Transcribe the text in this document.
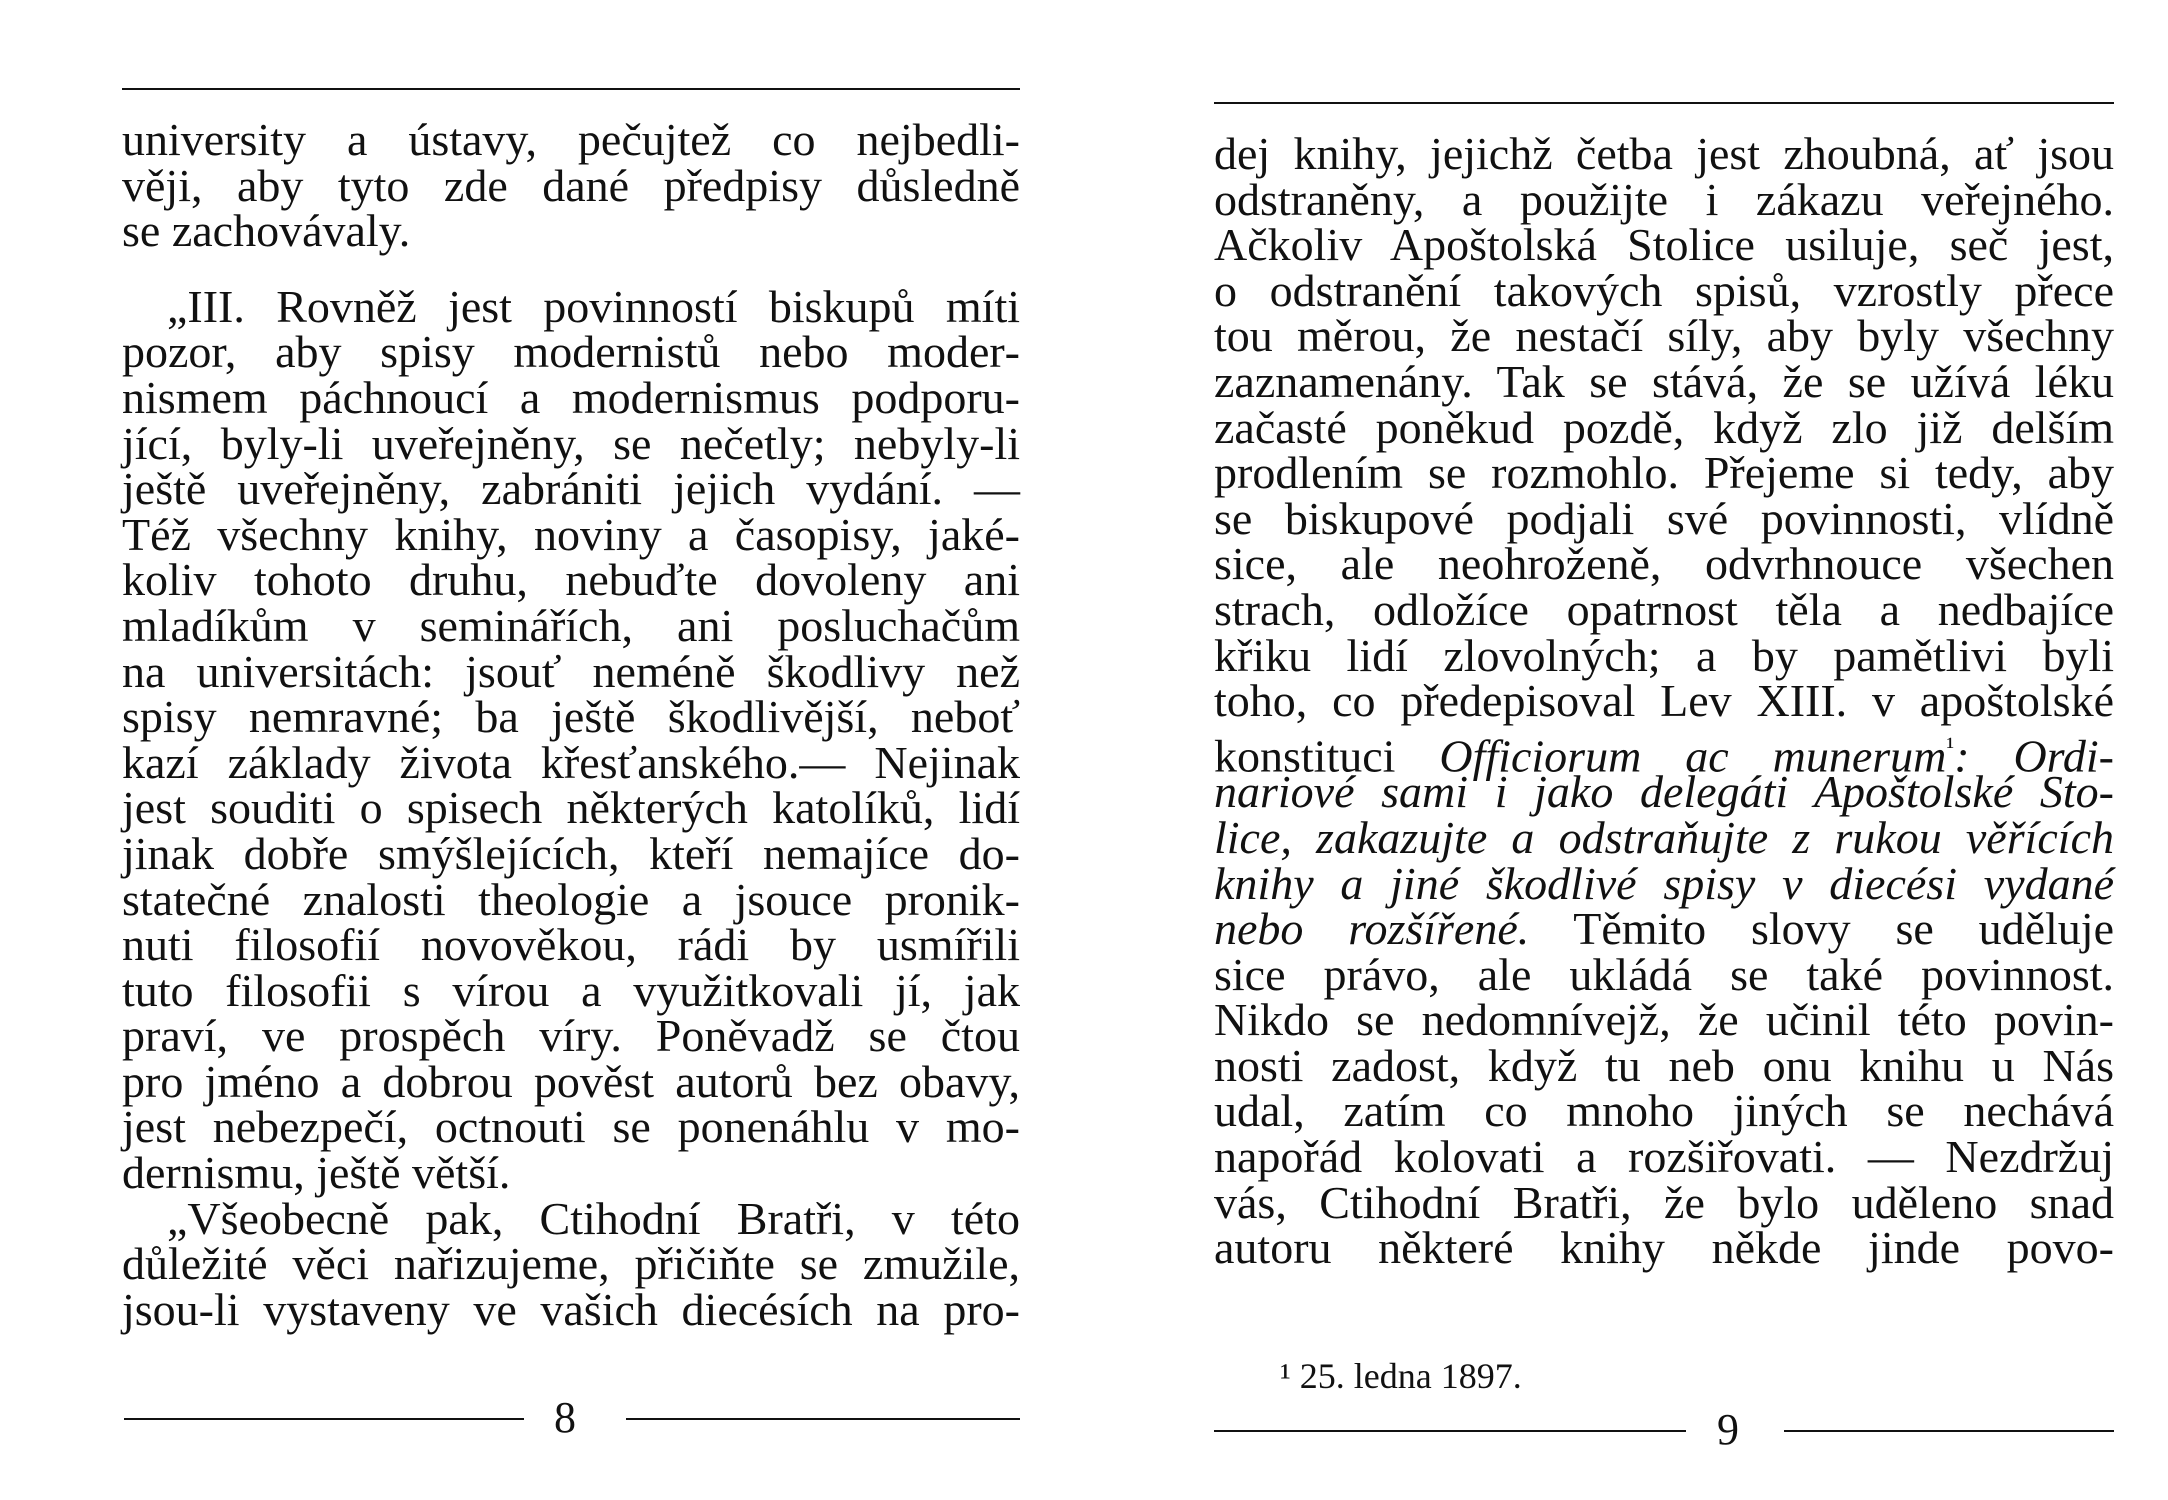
university a ústavy, pečujtež co nejbedli‑
věji, aby tyto zde dané předpisy důsledně
se zachovávaly.
„III. Rovněž jest povinností biskupů míti
pozor, aby spisy modernistů nebo moder‑
nismem páchnoucí a modernismus podporu‑
jící, byly‑li uveřejněny, se nečetly; nebyly‑li
ještě uveřejněny, zabrániti jejich vydání. —
Též všechny knihy, noviny a časopisy, jaké‑
koliv tohoto druhu, nebuďte dovoleny ani
mladíkům v seminářích, ani posluchačům
na universitách: jsouť neméně škodlivy než
spisy nemravné; ba ještě škodlivější, neboť
kazí základy života křesťanského.— Nejinak
jest souditi o spisech některých katolíků, lidí
jinak dobře smýšlejících, kteří nemajíce do‑
statečné znalosti theologie a jsouce pronik‑
nuti filosofií novověkou, rádi by usmířili
tuto filosofii s vírou a využitkovali jí, jak
praví, ve prospěch víry. Poněvadž se čtou
pro jméno a dobrou pověst autorů bez obavy,
jest nebezpečí, octnouti se ponenáhlu v mo‑
dernismu, ještě větší.
„Všeobecně pak, Ctihodní Bratři, v této
důležité věci nařizujeme, přičiňte se zmužile,
jsou‑li vystaveny ve vašich diecésích na pro‑
8
dej knihy, jejichž četba jest zhoubná, ať jsou
odstraněny, a použijte i zákazu veřejného.
Ačkoliv Apoštolská Stolice usiluje, seč jest,
o odstranění takových spisů, vzrostly přece
tou měrou, že nestačí síly, aby byly všechny
zaznamenány. Tak se stává, že se užívá léku
začasté poněkud pozdě, když zlo již delším
prodlením se rozmohlo. Přejeme si tedy, aby
se biskupové podjali své povinnosti, vlídně
sice, ale neohroženě, odvrhnouce všechen
strach, odložíce opatrnost těla a nedbajíce
křiku lidí zlovolných; a by pamětlivi byli
toho, co předepisoval Lev XIII. v apoštolské
konstituci Officiorum ac munerum$^{^1}$: Ordi‑
nariové sami i jako delegáti Apoštolské Sto‑
lice, zakazujte a odstraňujte z rukou věřících
knihy a jiné škodlivé spisy v diecési vydané
nebo rozšířené. Těmito slovy se uděluje
sice právo, ale ukládá se také povinnost.
Nikdo se nedomnívejž, že učinil této povin‑
nosti zadost, když tu neb onu knihu u Nás
udal, zatím co mnoho jiných se nechává
napořád kolovati a rozšiřovati. — Nezdržuj
vás, Ctihodní Bratři, že bylo uděleno snad
autoru některé knihy někde jinde povo‑
¹ 25. ledna 1897.
9
